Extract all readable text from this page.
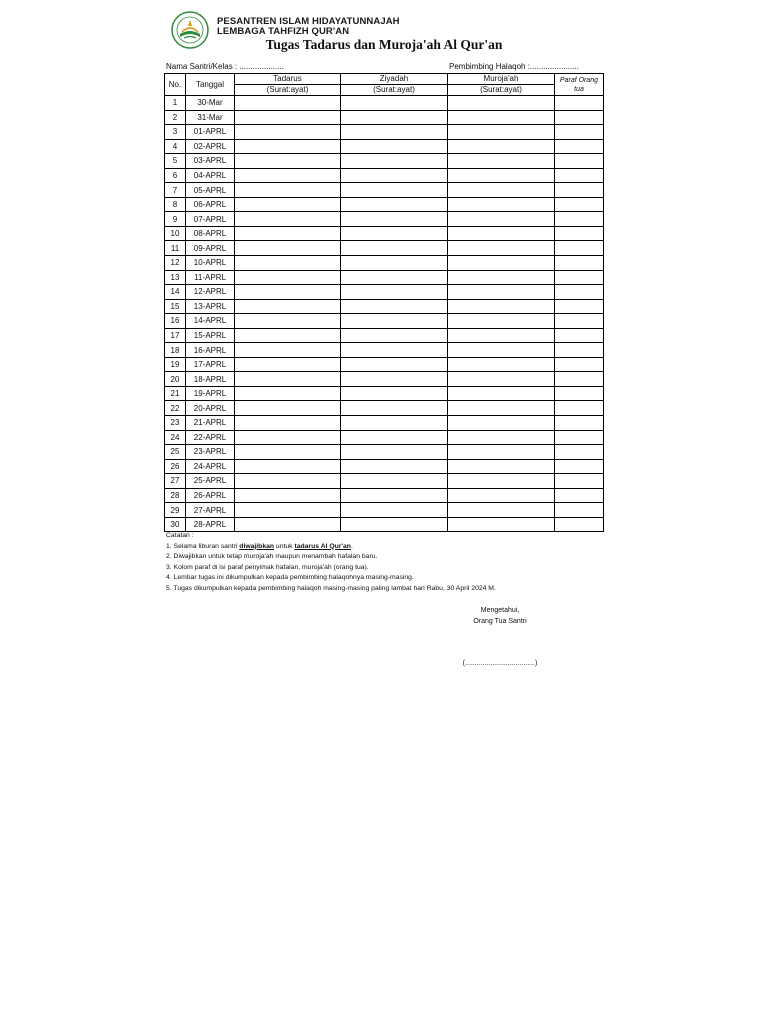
PESANTREN ISLAM HIDAYATUNNAJAH
LEMBAGA TAHFIZH QUR'AN
Tugas Tadarus dan Muroja'ah Al Qur'an
Nama Santri/Kelas : ....................	Pembimbing Halaqoh :......................
No.	Tanggal	Tadarus	Ziyadah	Muroja'ah	Paraf Orang tua
		(Surat:ayat)	(Surat:ayat)	(Surat:ayat)	
1	30-Mar				
2	31-Mar				
3	01-APRL				
4	02-APRL				
5	03-APRL				
6	04-APRL				
7	05-APRL				
8	06-APRL				
9	07-APRL				
10	08-APRL				
11	09-APRL				
12	10-APRL				
13	11-APRL				
14	12-APRL				
15	13-APRL				
16	14-APRL				
17	15-APRL				
18	16-APRL				
19	17-APRL				
20	18-APRL				
21	19-APRL				
22	20-APRL				
23	21-APRL				
24	22-APRL				
25	23-APRL				
26	24-APRL				
27	25-APRL				
28	26-APRL				
29	27-APRL				
30	28-APRL				
Catatan :
1. Selama liburan santri diwajibkan untuk tadarus Al Qur'an.
2. Diwajibkan untuk tetap muroja'ah maupun menambah hafalan baru.
3. Kolom paraf di isi paraf penyimak hafalan, muroja'ah (orang tua).
4. Lembar tugas ini dikumpulkan kepada pembimbing halaqohnya masing-masing.
5. Tugas dikumpulkan kepada pembimbing halaqoh masing-masing paling lambat hari Rabu, 30 April 2024 M.
Mengetahui,
Orang Tua Santri
(....................................)
